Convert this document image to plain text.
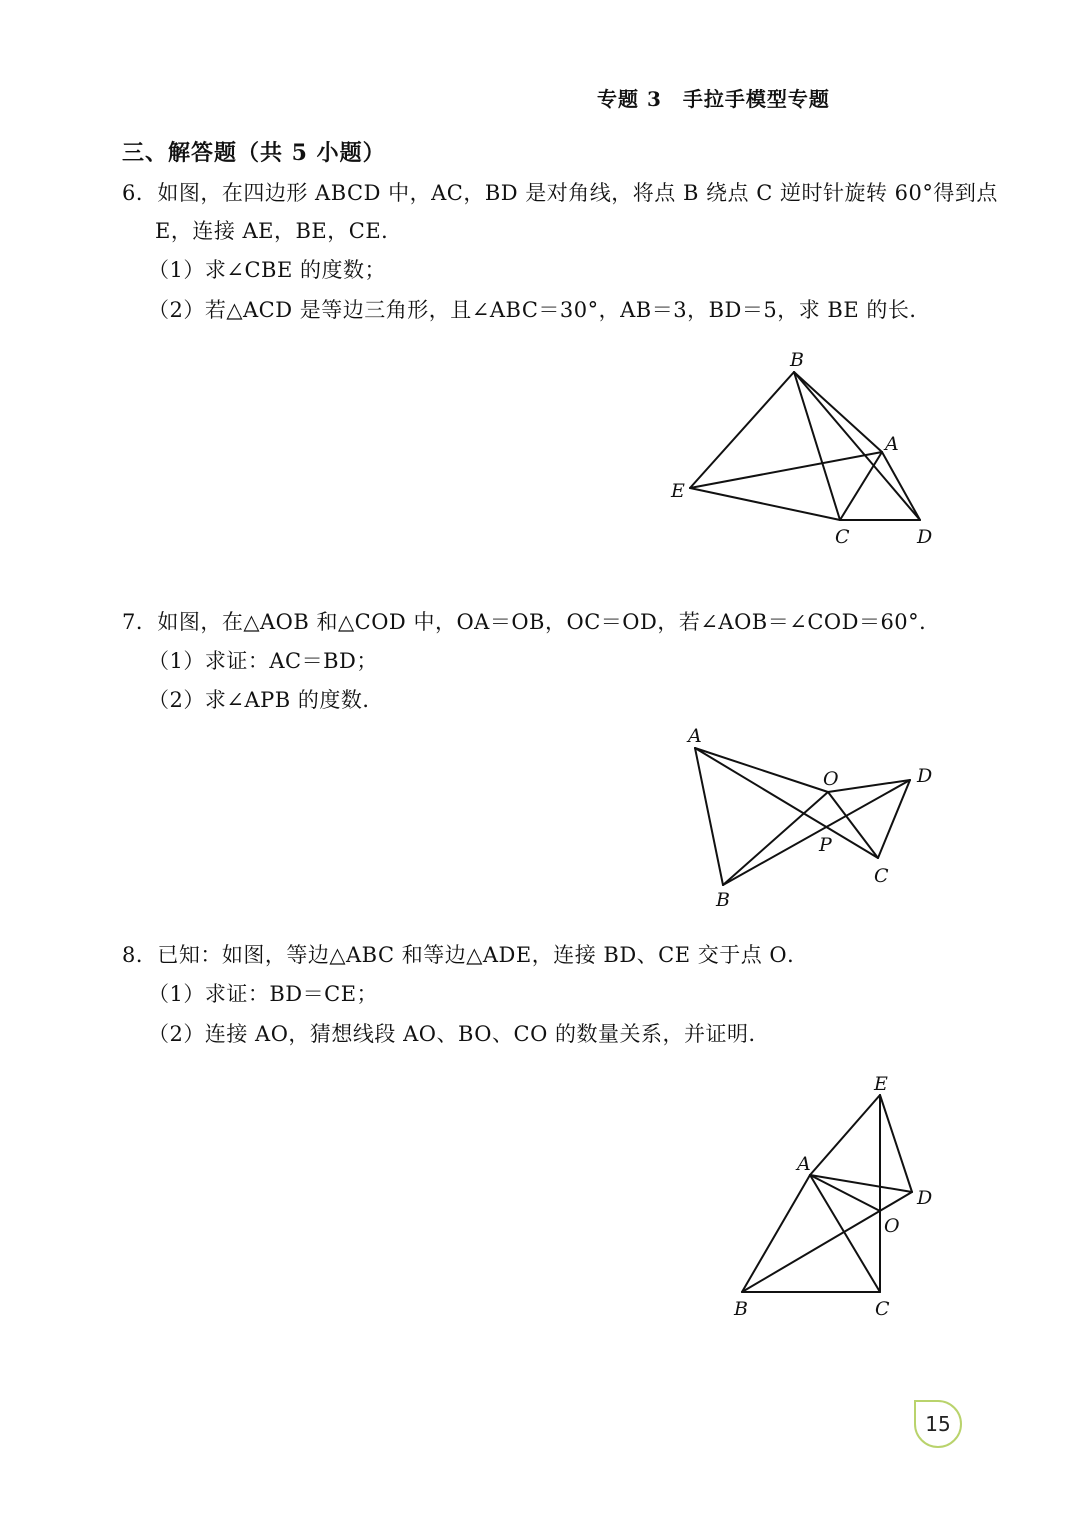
专题 3　手拉手模型专题
三、解答题（共 5 小题）
6．如图，在四边形 ABCD 中，AC，BD 是对角线，将点 B 绕点 C 逆时针旋转 60°得到点
E，连接 AE，BE，CE．
（1）求∠CBE 的度数；
（2）若△ACD 是等边三角形，且∠ABC＝30°，AB＝3，BD＝5，求 BE 的长．
B
A
E
C	D
7．如图，在△AOB 和△COD 中，OA＝OB，OC＝OD，若∠AOB＝∠COD＝60°．
（1）求证：AC＝BD；
（2）求∠APB 的度数．
A
O	D
P
C
B
8．已知：如图，等边△ABC 和等边△ADE，连接 BD、CE 交于点 O．
（1）求证：BD＝CE；
（2）连接 AO，猜想线段 AO、BO、CO 的数量关系，并证明．
E
A
D
O
B	C
15
